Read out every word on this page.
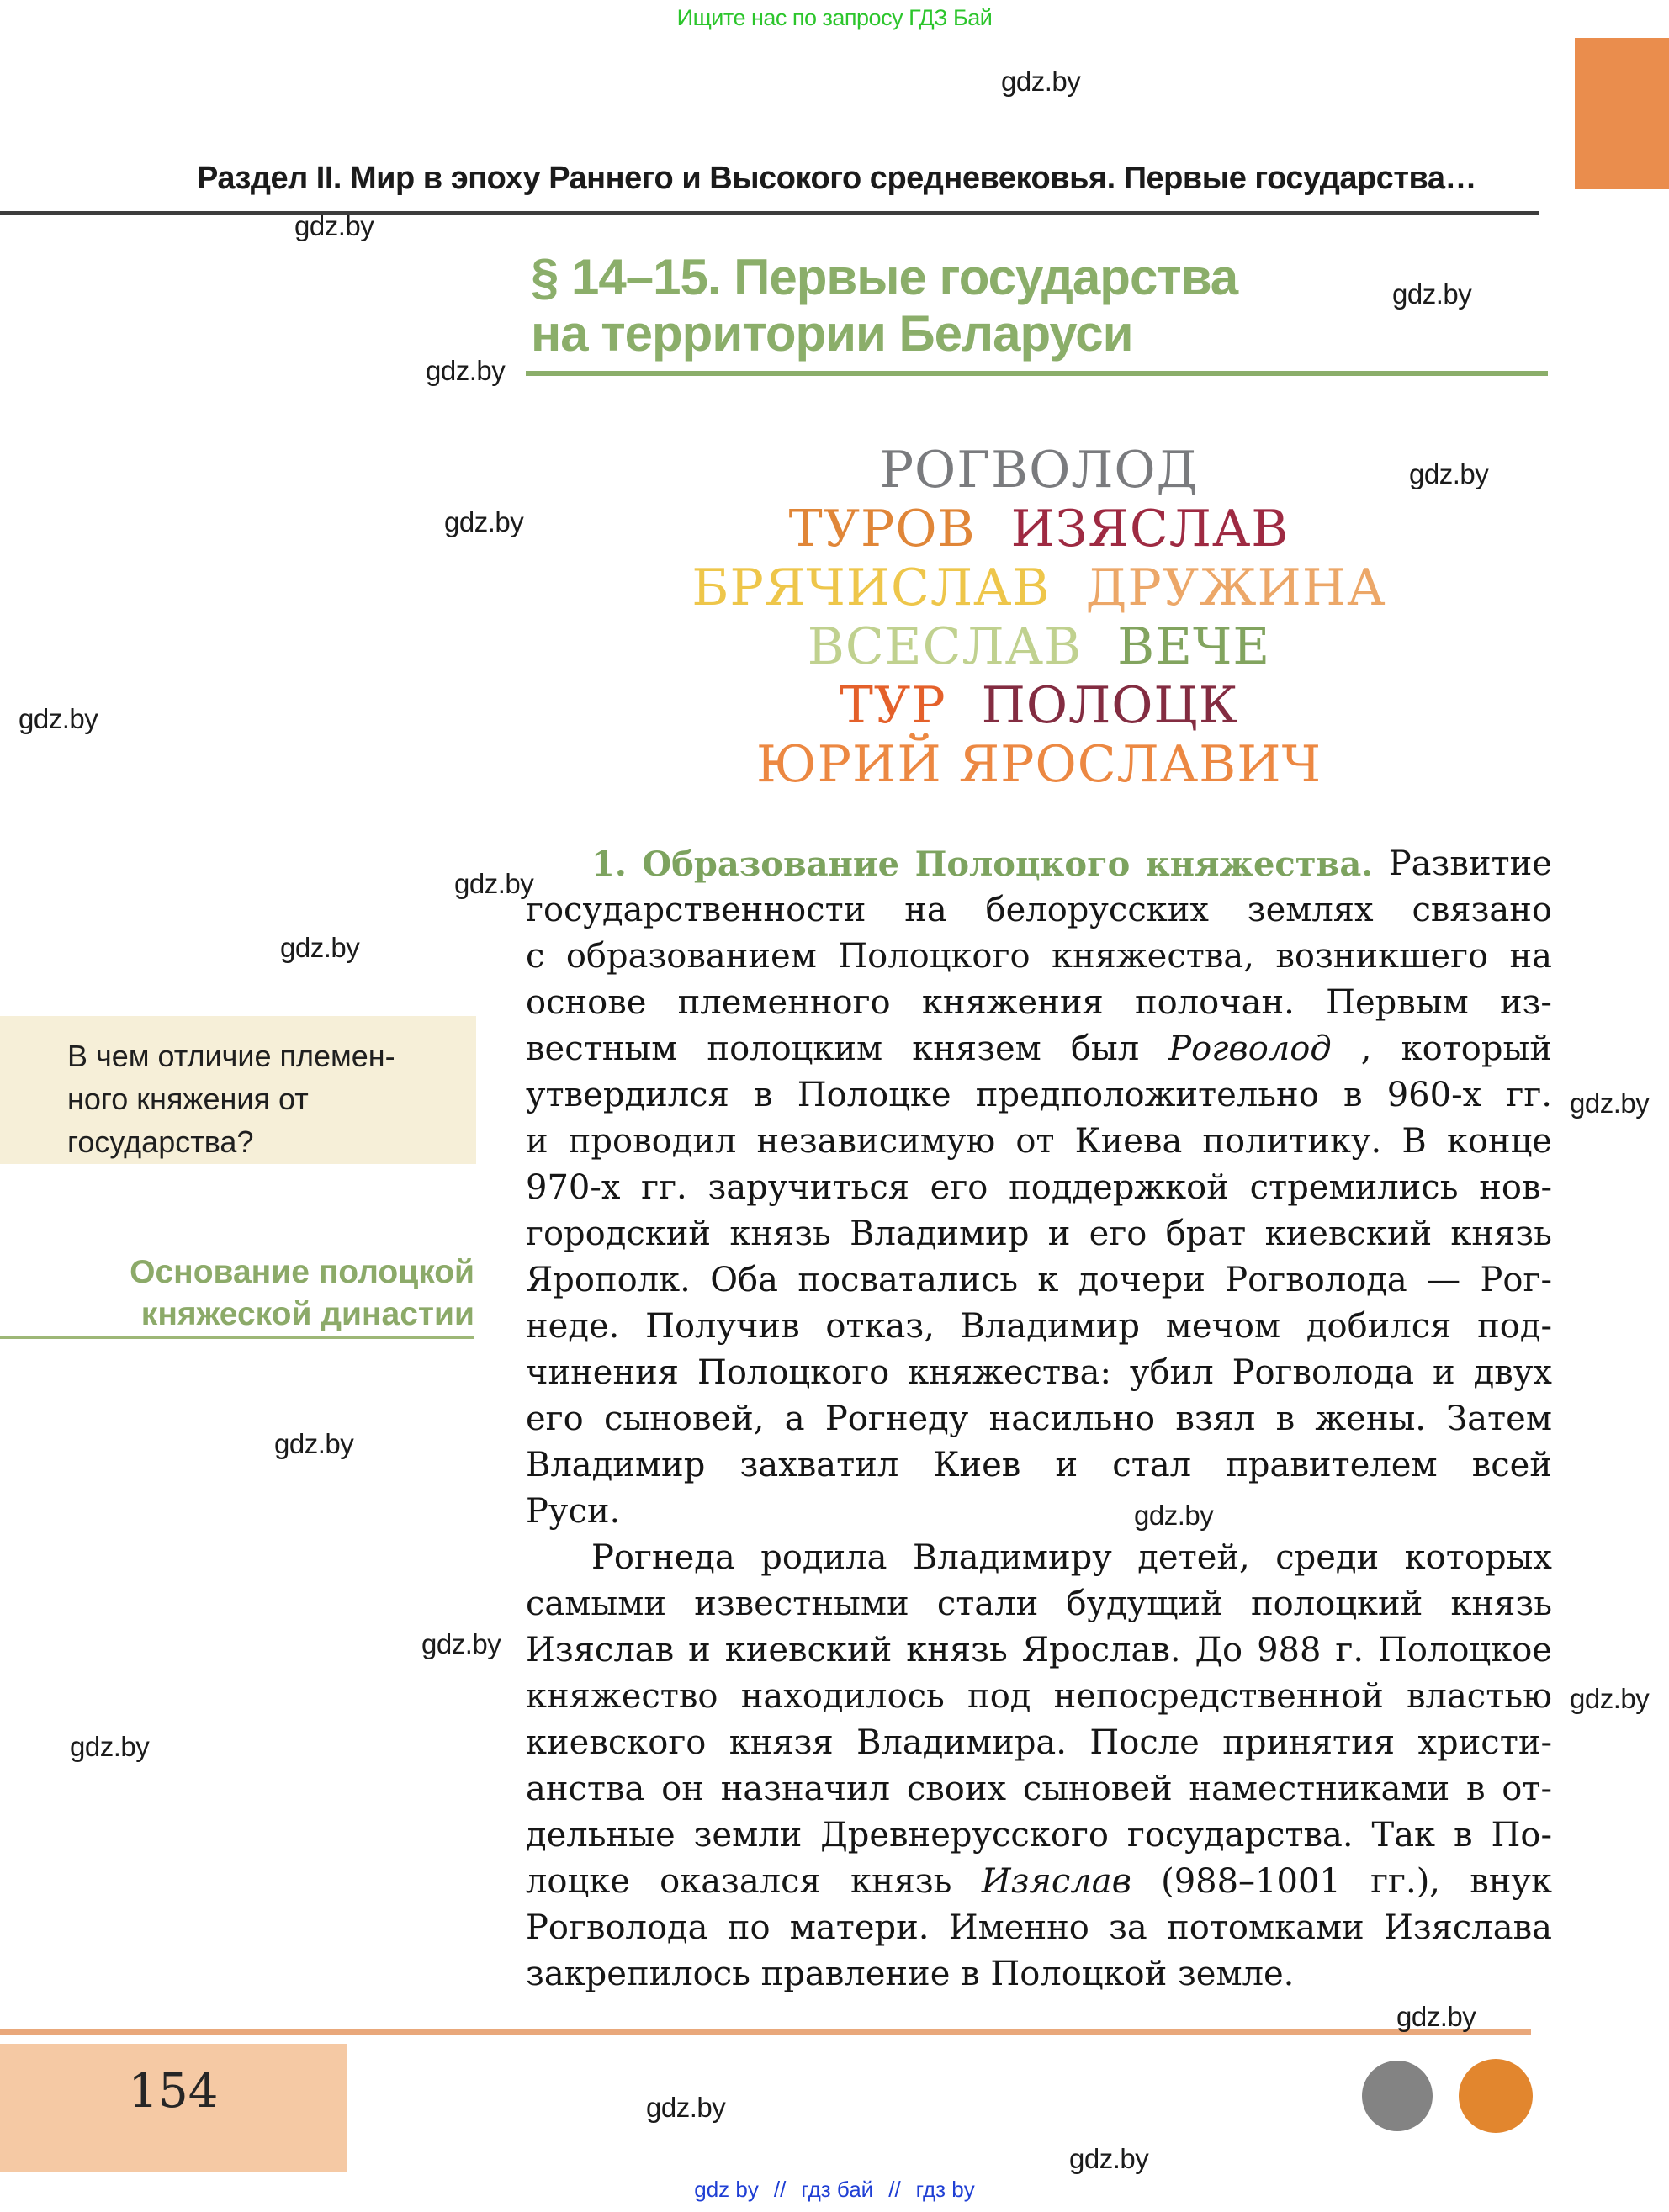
Ищите нас по запросу ГДЗ Бай
Раздел II. Мир в эпоху Раннего и Высокого средневековья. Первые государства…
§ 14–15. Первые государства
на территории Беларуси
РОГВОЛОД
ТУРОВ ИЗЯСЛАВ
БРЯЧИСЛАВ ДРУЖИНА
ВСЕСЛАВ ВЕЧЕ
ТУР ПОЛОЦК
ЮРИЙ ЯРОСЛАВИЧ
1. Образование Полоцкого княжества. Развитие
государственности на белорусских землях связано
с образованием Полоцкого княжества, возникшего на
основе племенного княжения полочан. Первым из-
вестным полоцким князем был Рогволод , который
утвердился в Полоцке предположительно в 960-х гг.
и проводил независимую от Киева политику. В конце
970-х гг. заручиться его поддержкой стремились нов-
городский князь Владимир и его брат киевский князь
Ярополк. Оба посватались к дочери Рогволода — Рог-
неде. Получив отказ, Владимир мечом добился под-
чинения Полоцкого княжества: убил Рогволода и двух
его сыновей, а Рогнеду насильно взял в жены. Затем
Владимир захватил Киев и стал правителем всей
Руси.
Рогнеда родила Владимиру детей, среди которых
самыми известными стали будущий полоцкий князь
Изяслав и киевский князь Ярослав. До 988 г. Полоцкое
княжество находилось под непосредственной властью
киевского князя Владимира. После принятия христи-
анства он назначил своих сыновей наместниками в от-
дельные земли Древнерусского государства. Так в По-
лоцке оказался князь Изяслав (988–1001 гг.), внук
Рогволода по матери. Именно за потомками Изяслава
закрепилось правление в Полоцкой земле.
В чем отличие племен-
ного княжения от
государства?
Основание полоцкой
княжеской династии
154
gdz by // гдз бай // гдз by
gdz.by
gdz.by
gdz.by
gdz.by
gdz.by
gdz.by
gdz.by
gdz.by
gdz.by
gdz.by
gdz.by
gdz.by
gdz.by
gdz.by
gdz.by
gdz.by
gdz.by
gdz.by
